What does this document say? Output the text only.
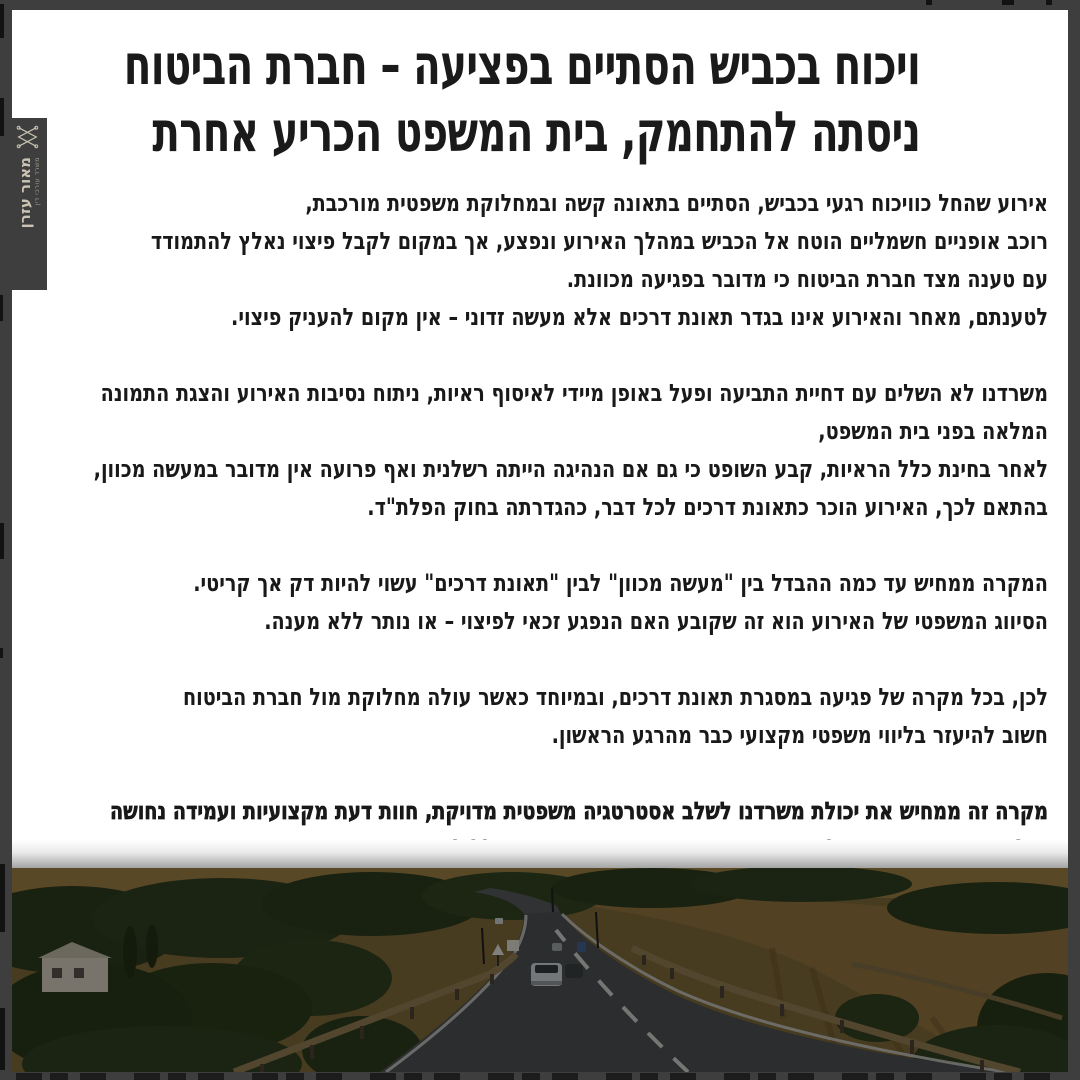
ויכוח בכביש הסתיים בפציעה – חברת הביטוח
ניסתה להתחמק, בית המשפט הכריע אחרת
אירוע שהחל כוויכוח רגעי בכביש, הסתיים בתאונה קשה ובמחלוקת משפטית מורכבת,
רוכב אופניים חשמליים הוטח אל הכביש במהלך האירוע ונפצע, אך במקום לקבל פיצוי נאלץ להתמודד
עם טענה מצד חברת הביטוח כי מדובר בפגיעה מכוונת.
לטענתם, מאחר והאירוע אינו בגדר תאונת דרכים אלא מעשה זדוני – אין מקום להעניק פיצוי.
משרדנו לא השלים עם דחיית התביעה ופעל באופן מיידי לאיסוף ראיות, ניתוח נסיבות האירוע והצגת התמונה
המלאה בפני בית המשפט,
לאחר בחינת כלל הראיות, קבע השופט כי גם אם הנהיגה הייתה רשלנית ואף פרועה אין מדובר במעשה מכוון,
בהתאם לכך, האירוע הוכר כתאונת דרכים לכל דבר, כהגדרתה בחוק הפלת"ד.
המקרה ממחיש עד כמה ההבדל בין "מעשה מכוון" לבין "תאונת דרכים" עשוי להיות דק אך קריטי.
הסיווג המשפטי של האירוע הוא זה שקובע האם הנפגע זכאי לפיצוי – או נותר ללא מענה.
לכן, בכל מקרה של פגיעה במסגרת תאונת דרכים, ובמיוחד כאשר עולה מחלוקת מול חברת הביטוח
חשוב להיעזר בליווי משפטי מקצועי כבר מהרגע הראשון.
מקרה זה ממחיש את יכולת משרדנו לשלב אסטרטגיה משפטית מדויקת, חוות דעת מקצועיות ועמידה נחושה
מאור עזרן משרד עורכי דין
